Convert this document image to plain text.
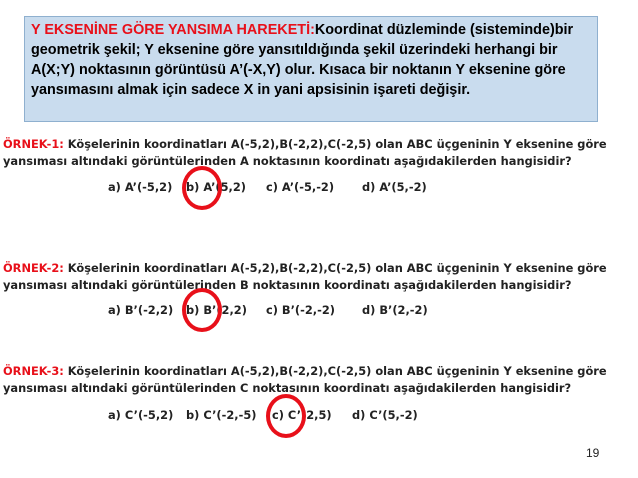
Y EKSENİNE GÖRE YANSIMA HAREKETİ:Koordinat düzleminde (sisteminde)bir geometrik şekil; Y eksenine göre yansıtıldığında şekil üzerindeki herhangi bir A(X;Y) noktasının görüntüsü A’(-X,Y) olur. Kısaca bir noktanın Y eksenine göre yansımasını almak için sadece X in yani apsisinin işareti değişir.
ÖRNEK-1: Köşelerinin koordinatları A(-5,2),B(-2,2),C(-2,5) olan ABC üçgeninin Y eksenine göre
yansıması altındaki görüntülerinden A noktasının koordinatı aşağıdakilerden hangisidir?
a) A’(-5,2) b) A’(5,2) c) A’(-5,-2) d) A’(5,-2)
ÖRNEK-2: Köşelerinin koordinatları A(-5,2),B(-2,2),C(-2,5) olan ABC üçgeninin Y eksenine göre
yansıması altındaki görüntülerinden B noktasının koordinatı aşağıdakilerden hangisidir?
a) B’(-2,2) b) B’(2,2) c) B’(-2,-2) d) B’(2,-2)
ÖRNEK-3: Köşelerinin koordinatları A(-5,2),B(-2,2),C(-2,5) olan ABC üçgeninin Y eksenine göre
yansıması altındaki görüntülerinden C noktasının koordinatı aşağıdakilerden hangisidir?
a) C’(-5,2) b) C’(-2,-5) c) C’(2,5) d) C’(5,-2)
19
